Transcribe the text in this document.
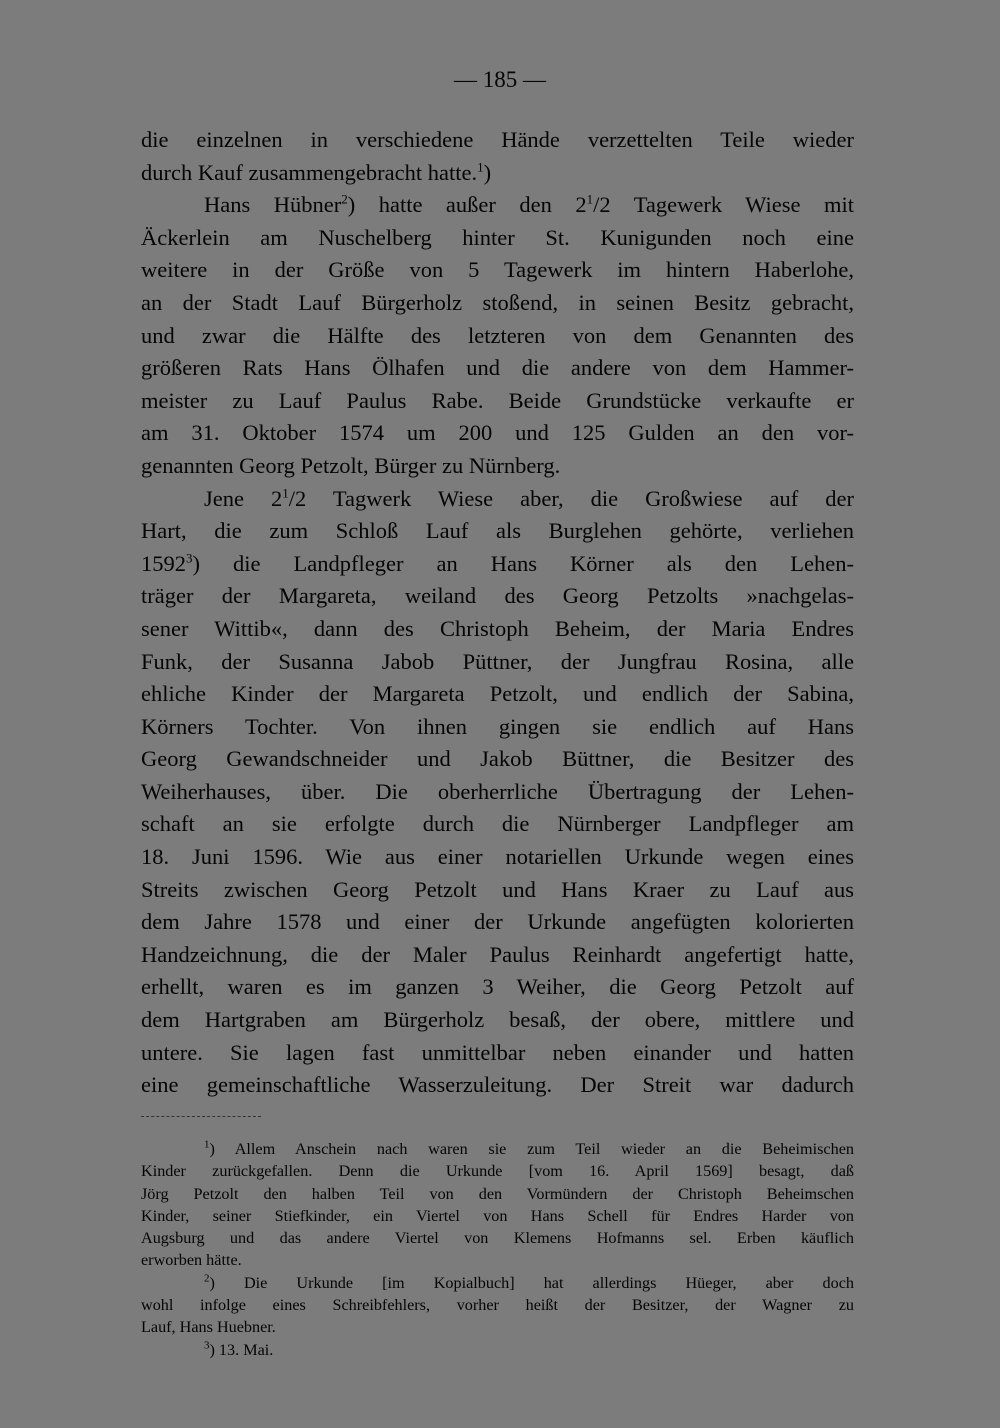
— 185 —
die einzelnen in verschiedene Hände verzettelten Teile wieder
durch Kauf zusammengebracht hatte.$^1$)
Hans Hübner$^2$) hatte außer den $2^1/2$ Tagewerk Wiese mit
Äckerlein am Nuschelberg hinter St. Kunigunden noch eine
weitere in der Größe von 5 Tagewerk im hintern Haberlohe,
an der Stadt Lauf Bürgerholz stoßend, in seinen Besitz gebracht,
und zwar die Hälfte des letzteren von dem Genannten des
größeren Rats Hans Ölhafen und die andere von dem Hammer-
meister zu Lauf Paulus Rabe. Beide Grundstücke verkaufte er
am 31. Oktober 1574 um 200 und 125 Gulden an den vor-
genannten Georg Petzolt, Bürger zu Nürnberg.
Jene $2^1/2$ Tagwerk Wiese aber, die Großwiese auf der
Hart, die zum Schloß Lauf als Burglehen gehörte, verliehen
1592$^3$) die Landpfleger an Hans Körner als den Lehen-
träger der Margareta, weiland des Georg Petzolts »nachgelas-
sener Wittib«, dann des Christoph Beheim, der Maria Endres
Funk, der Susanna Jabob Püttner, der Jungfrau Rosina, alle
ehliche Kinder der Margareta Petzolt, und endlich der Sabina,
Körners Tochter. Von ihnen gingen sie endlich auf Hans
Georg Gewandschneider und Jakob Büttner, die Besitzer des
Weiherhauses, über. Die oberherrliche Übertragung der Lehen-
schaft an sie erfolgte durch die Nürnberger Landpfleger am
18. Juni 1596. Wie aus einer notariellen Urkunde wegen eines
Streits zwischen Georg Petzolt und Hans Kraer zu Lauf aus
dem Jahre 1578 und einer der Urkunde angefügten kolorierten
Handzeichnung, die der Maler Paulus Reinhardt angefertigt hatte,
erhellt, waren es im ganzen 3 Weiher, die Georg Petzolt auf
dem Hartgraben am Bürgerholz besaß, der obere, mittlere und
untere. Sie lagen fast unmittelbar neben einander und hatten
eine gemeinschaftliche Wasserzuleitung. Der Streit war dadurch
$^1$) Allem Anschein nach waren sie zum Teil wieder an die Beheimischen
Kinder zurückgefallen. Denn die Urkunde [vom 16. April 1569] besagt, daß
Jörg Petzolt den halben Teil von den Vormündern der Christoph Beheimschen
Kinder, seiner Stiefkinder, ein Viertel von Hans Schell für Endres Harder von
Augsburg und das andere Viertel von Klemens Hofmanns sel. Erben käuflich
erworben hätte.
$^2$) Die Urkunde [im Kopialbuch] hat allerdings Hüeger, aber doch
wohl infolge eines Schreibfehlers, vorher heißt der Besitzer, der Wagner zu
Lauf, Hans Huebner.
$^3$) 13. Mai.
